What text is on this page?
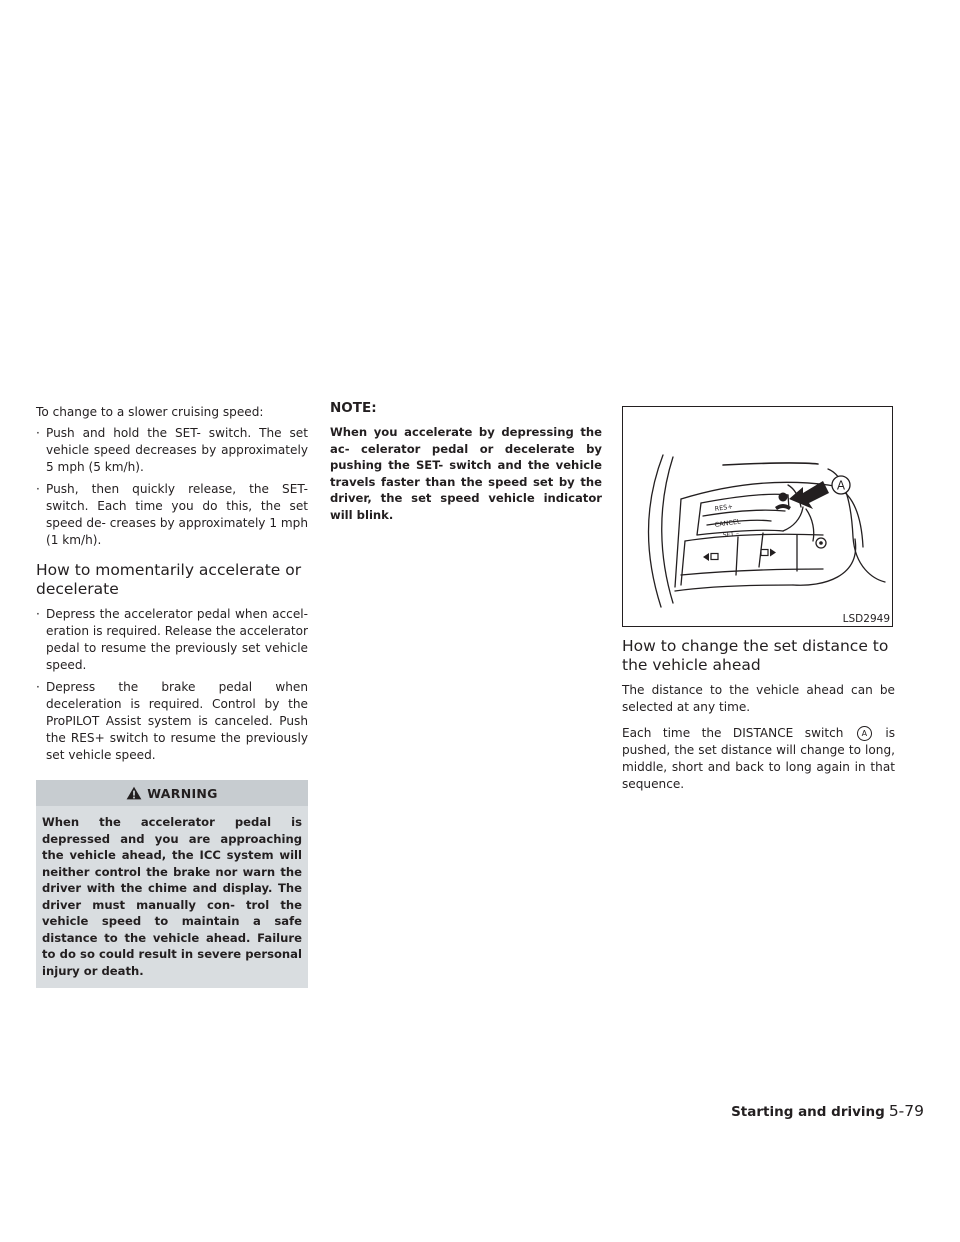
To change to a slower cruising speed:

· Push and hold the SET- switch. The set vehicle speed decreases by approximately 5 mph (5 km/h).
· Push, then quickly release, the SET- switch. Each time you do this, the set speed de- creases by approximately 1 mph (1 km/h).
How to momentarily accelerate or decelerate
· Depress the accelerator pedal when accel- eration is required. Release the accelerator pedal to resume the previously set vehicle speed.
· Depress the brake pedal when deceleration is required. Control by the ProPILOT Assist system is canceled. Push the RES+ switch to resume the previously set vehicle speed.
WARNING

When the accelerator pedal is depressed and you are approaching the vehicle ahead, the ICC system will neither control the brake nor warn the driver with the chime and display. The driver must manually con- trol the vehicle speed to maintain a safe distance to the vehicle ahead. Failure to do so could result in severe personal injury or death.

NOTE:

When you accelerate by depressing the ac- celerator pedal or decelerate by pushing the SET- switch and the vehicle travels faster than the speed set by the driver, the set speed vehicle indicator will blink.	RES+
CANCEL
SET –
A
LSD2949
How to change the set distance to the vehicle ahead

The distance to the vehicle ahead can be selected at any time.

Each time the DISTANCE switch A is pushed, the set distance will change to long, middle, short and back to long again in that sequence.

Starting and driving 5-79
